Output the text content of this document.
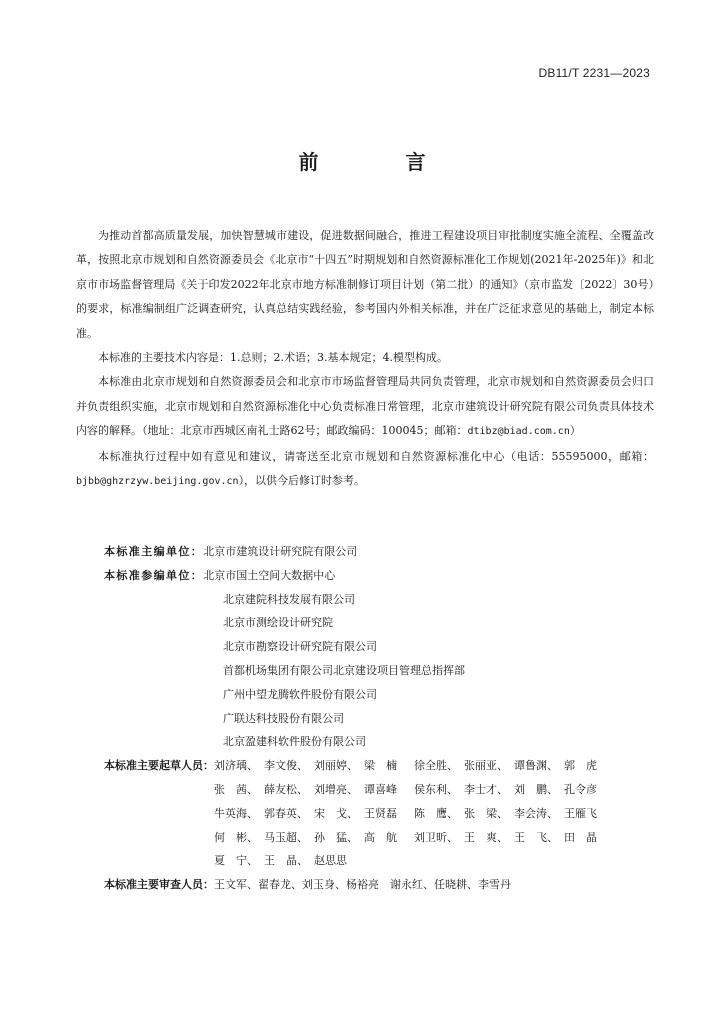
DB11/T 2231—2023
前 言

为推动首都高质量发展，加快智慧城市建设，促进数据间融合，推进工程建设项目审批制度实施全流程、全覆盖改革，按照北京市规划和自然资源委员会《北京市“十四五”时期规划和自然资源标准化工作规划(2021年-2025年)》和北京市市场监督管理局《关于印发2022年北京市地方标准制修订项目计划（第二批）的通知》（京市监发〔2022〕30号）的要求，标准编制组广泛调查研究，认真总结实践经验，参考国内外相关标准，并在广泛征求意见的基础上，制定本标准。

本标准的主要技术内容是：1.总则；2.术语；3.基本规定；4.模型构成。

本标准由北京市规划和自然资源委员会和北京市市场监督管理局共同负责管理，北京市规划和自然资源委员会归口并负责组织实施，北京市规划和自然资源标准化中心负责标准日常管理，北京市建筑设计研究院有限公司负责具体技术内容的解释。（地址：北京市西城区南礼士路62号；邮政编码：100045；邮箱：dtibz@biad.com.cn）

本标准执行过程中如有意见和建议，请寄送至北京市规划和自然资源标准化中心（电话：55595000，邮箱：bjbb@ghzrzyw.beijing.gov.cn），以供今后修订时参考。

本标准主编单位： 北京市建筑设计研究院有限公司
本标准参编单位： 北京市国土空间大数据中心
北京建院科技发展有限公司
北京市测绘设计研究院
北京市勘察设计研究院有限公司
首都机场集团有限公司北京建设项目管理总指挥部
广州中望龙腾软件股份有限公司
广联达科技股份有限公司
北京盈建科软件股份有限公司
本标准主要起草人员： 刘济瑀、 李文俊、 刘丽婷、 梁　楠	徐全胜、 张丽亚、 谭鲁渊、 郭　虎
张　茜、 薛友松、 刘增亮、 谭喜峰	侯东利、 李士才、 刘　鹏、 孔令彦
牛英海、 郭春英、 宋　戈、 王贤磊	陈　鹰、 张　梁、 李会涛、 王雁飞
何　彬、 马玉超、 孙　猛、 高　航	刘卫昕、 王　爽、 王　飞、 田　晶
夏　宁、 王　晶、 赵思思
本标准主要审查人员： 王文军、翟春龙、刘玉身、杨裕亮　谢永红、任晓耕、李雪丹
